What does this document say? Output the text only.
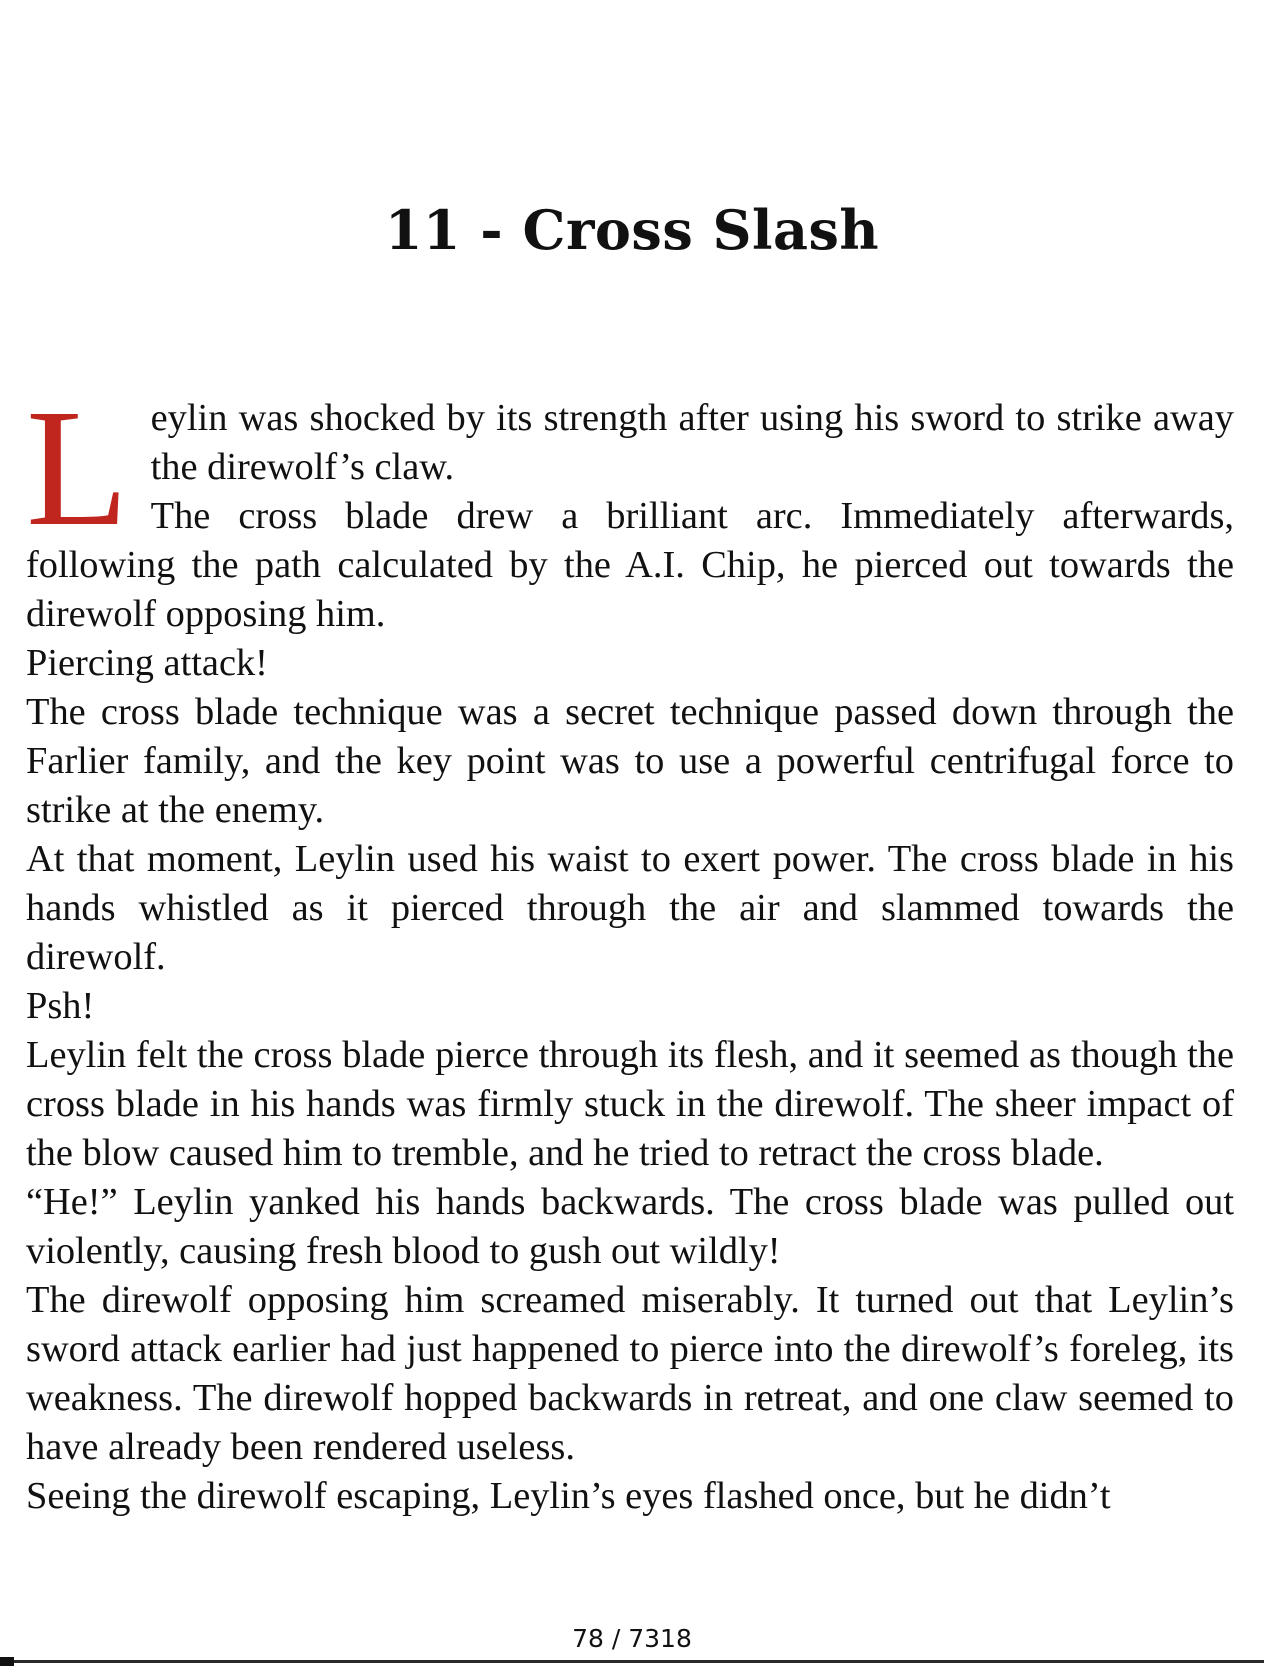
11 - Cross Slash

Leylin was shocked by its strength after using his sword to strike away the direwolf’s claw.

The cross blade drew a brilliant arc. Immediately afterwards, following the path calculated by the A.I. Chip, he pierced out towards the direwolf opposing him.

Piercing attack!

The cross blade technique was a secret technique passed down through the Farlier family, and the key point was to use a powerful centrifugal force to strike at the enemy.

At that moment, Leylin used his waist to exert power. The cross blade in his hands whistled as it pierced through the air and slammed towards the direwolf.

Psh!

Leylin felt the cross blade pierce through its flesh, and it seemed as though the cross blade in his hands was firmly stuck in the direwolf. The sheer impact of the blow caused him to tremble, and he tried to retract the cross blade.

“He!” Leylin yanked his hands backwards. The cross blade was pulled out violently, causing fresh blood to gush out wildly!

The direwolf opposing him screamed miserably. It turned out that Leylin’s sword attack earlier had just happened to pierce into the direwolf’s foreleg, its weakness. The direwolf hopped backwards in retreat, and one claw seemed to have already been rendered useless.

Seeing the direwolf escaping, Leylin’s eyes flashed once, but he didn’t

78 / 7318
